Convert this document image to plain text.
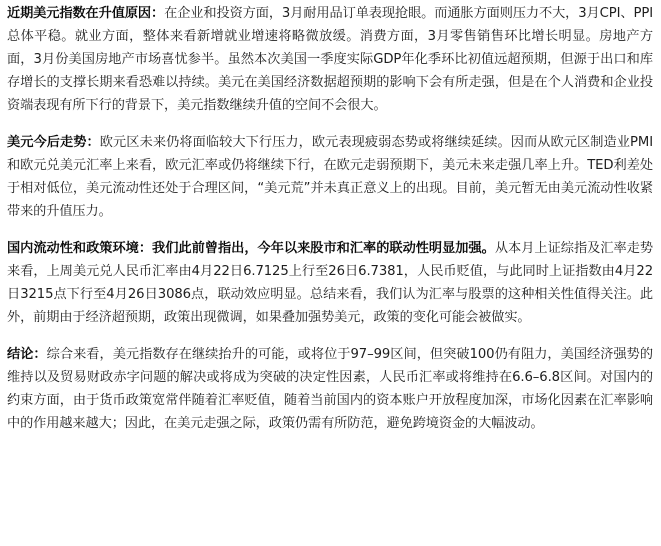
近期美元指数在升值原因：在企业和投资方面，3月耐用品订单表现抢眼。而通胀方面则压力不大，3月CPI、PPI总体平稳。就业方面，整体来看新增就业增速将略微放缓。消费方面，3月零售销售环比增长明显。房地产方面，3月份美国房地产市场喜忧参半。虽然本次美国一季度实际GDP年化季环比初值远超预期，但源于出口和库存增长的支撑长期来看恐难以持续。美元在美国经济数据超预期的影响下会有所走强，但是在个人消费和企业投资端表现有所下行的背景下，美元指数继续升值的空间不会很大。

美元今后走势：欧元区未来仍将面临较大下行压力，欧元表现疲弱态势或将继续延续。因而从欧元区制造业PMI和欧元兑美元汇率上来看，欧元汇率或仍将继续下行，在欧元走弱预期下，美元未来走强几率上升。TED利差处于相对低位，美元流动性还处于合理区间，“美元荒”并未真正意义上的出现。目前，美元暂无由美元流动性收紧带来的升值压力。

国内流动性和政策环境：我们此前曾指出，今年以来股市和汇率的联动性明显加强。从本月上证综指及汇率走势来看，上周美元兑人民币汇率由4月22日6.7125上行至26日6.7381，人民币贬值，与此同时上证指数由4月22日3215点下行至4月26日3086点，联动效应明显。总结来看，我们认为汇率与股票的这种相关性值得关注。此外，前期由于经济超预期，政策出现微调，如果叠加强势美元，政策的变化可能会被做实。

结论：综合来看，美元指数存在继续抬升的可能，或将位于97–99区间，但突破100仍有阻力，美国经济强势的维持以及贸易财政赤字问题的解决或将成为突破的决定性因素，人民币汇率或将维持在6.6–6.8区间。对国内的约束方面，由于货币政策宽常伴随着汇率贬值，随着当前国内的资本账户开放程度加深，市场化因素在汇率影响中的作用越来越大；因此，在美元走强之际，政策仍需有所防范，避免跨境资金的大幅波动。
